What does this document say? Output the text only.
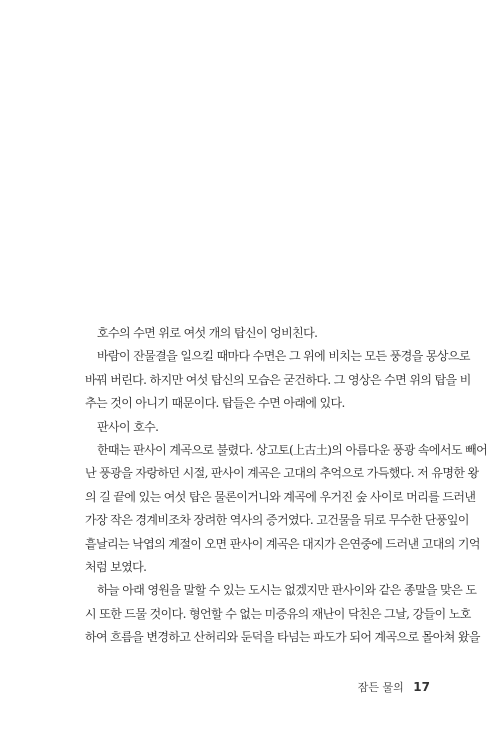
호수의 수면 위로 여섯 개의 탑신이 엉비친다.
바람이 잔물결을 일으킬 때마다 수면은 그 위에 비치는 모든 풍경을 몽상으로
바꿔 버린다. 하지만 여섯 탑신의 모습은 굳건하다. 그 영상은 수면 위의 탑을 비
추는 것이 아니기 때문이다. 탑들은 수면 아래에 있다.
판사이 호수.
한때는 판사이 계곡으로 불렸다. 상고토(上古土)의 아름다운 풍광 속에서도 빼어
난 풍광을 자랑하던 시절, 판사이 계곡은 고대의 추억으로 가득했다. 저 유명한 왕
의 길 끝에 있는 여섯 탑은 물론이거니와 계곡에 우거진 숲 사이로 머리를 드러낸
가장 작은 경계비조차 장려한 역사의 증거였다. 고건물을 뒤로 무수한 단풍잎이
흩날리는 낙엽의 계절이 오면 판사이 계곡은 대지가 은연중에 드러낸 고대의 기억
처럼 보였다.
하늘 아래 영원을 말할 수 있는 도시는 없겠지만 판사이와 같은 종말을 맞은 도
시 또한 드물 것이다. 형언할 수 없는 미증유의 재난이 닥친은 그날, 강들이 노호
하여 흐름을 변경하고 산허리와 둔덕을 타넘는 파도가 되어 계곡으로 몰아쳐 왔을
잠든 물의 17
